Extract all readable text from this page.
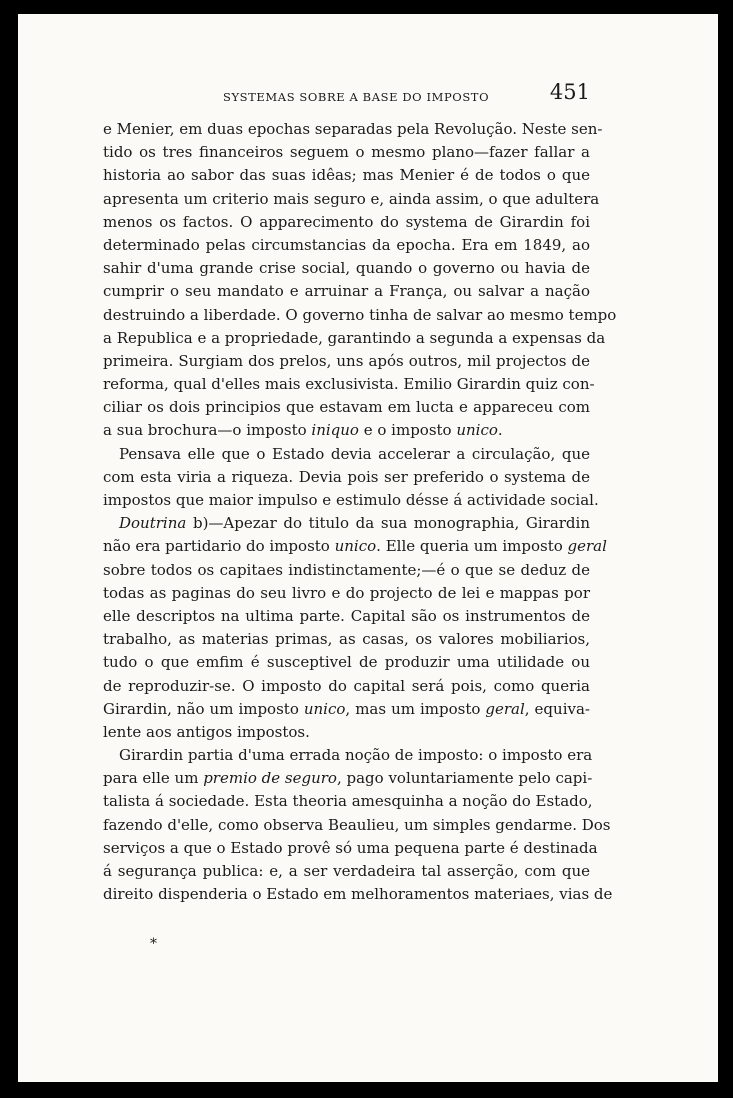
SYSTEMAS SOBRE A BASE DO IMPOSTO	451
e Menier, em duas epochas separadas pela Revolução. Neste sen-
tido os tres financeiros seguem o mesmo plano—fazer fallar a
historia ao sabor das suas idêas; mas Menier é de todos o que
apresenta um criterio mais seguro e, ainda assim, o que adultera
menos os factos. O apparecimento do systema de Girardin foi
determinado pelas circumstancias da epocha. Era em 1849, ao
sahir d'uma grande crise social, quando o governo ou havia de
cumprir o seu mandato e arruinar a França, ou salvar a nação
destruindo a liberdade. O governo tinha de salvar ao mesmo tempo
a Republica e a propriedade, garantindo a segunda a expensas da
primeira. Surgiam dos prelos, uns após outros, mil projectos de
reforma, qual d'elles mais exclusivista. Emilio Girardin quiz con-
ciliar os dois principios que estavam em lucta e appareceu com
a sua brochura—o imposto iniquo e o imposto unico.
Pensava elle que o Estado devia accelerar a circulação, que
com esta viria a riqueza. Devia pois ser preferido o systema de
impostos que maior impulso e estimulo désse á actividade social.
Doutrina b)—Apezar do titulo da sua monographia, Girardin
não era partidario do imposto unico. Elle queria um imposto geral
sobre todos os capitaes indistinctamente;—é o que se deduz de
todas as paginas do seu livro e do projecto de lei e mappas por
elle descriptos na ultima parte. Capital são os instrumentos de
trabalho, as materias primas, as casas, os valores mobiliarios,
tudo o que emfim é susceptivel de produzir uma utilidade ou
de reproduzir-se. O imposto do capital será pois, como queria
Girardin, não um imposto unico, mas um imposto geral, equiva-
lente aos antigos impostos.
Girardin partia d'uma errada noção de imposto: o imposto era
para elle um premio de seguro, pago voluntariamente pelo capi-
talista á sociedade. Esta theoria amesquinha a noção do Estado,
fazendo d'elle, como observa Beaulieu, um simples gendarme. Dos
serviços a que o Estado provê só uma pequena parte é destinada
á segurança publica: e, a ser verdadeira tal asserção, com que
direito dispenderia o Estado em melhoramentos materiaes, vias de
*
